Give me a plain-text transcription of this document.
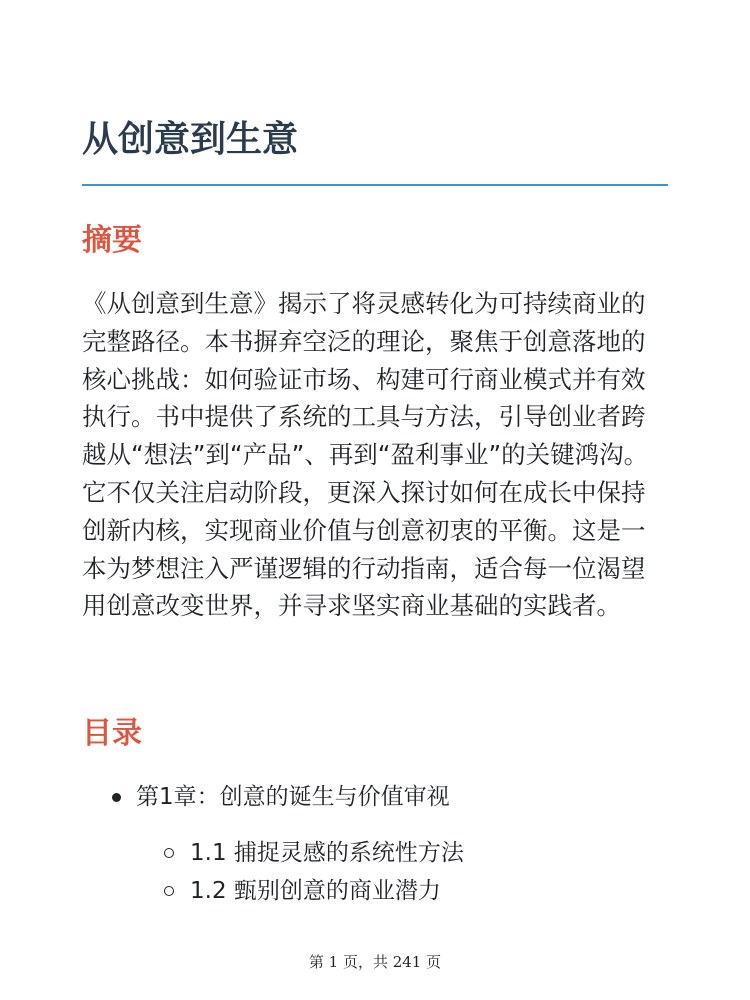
从创意到生意
摘要

《从创意到生意》揭示了将灵感转化为可持续商业的完整路径。本书摒弃空泛的理论，聚焦于创意落地的核心挑战：如何验证市场、构建可行商业模式并有效执行。书中提供了系统的工具与方法，引导创业者跨越从“想法”到“产品”、再到“盈利事业”的关键鸿沟。它不仅关注启动阶段，更深入探讨如何在成长中保持创新内核，实现商业价值与创意初衷的平衡。这是一本为梦想注入严谨逻辑的行动指南，适合每一位渴望用创意改变世界，并寻求坚实商业基础的实践者。

目录
第1章：创意的诞生与价值审视
1.1 捕捉灵感的系统性方法
1.2 甄别创意的商业潜力
第 1 页，共 241 页
